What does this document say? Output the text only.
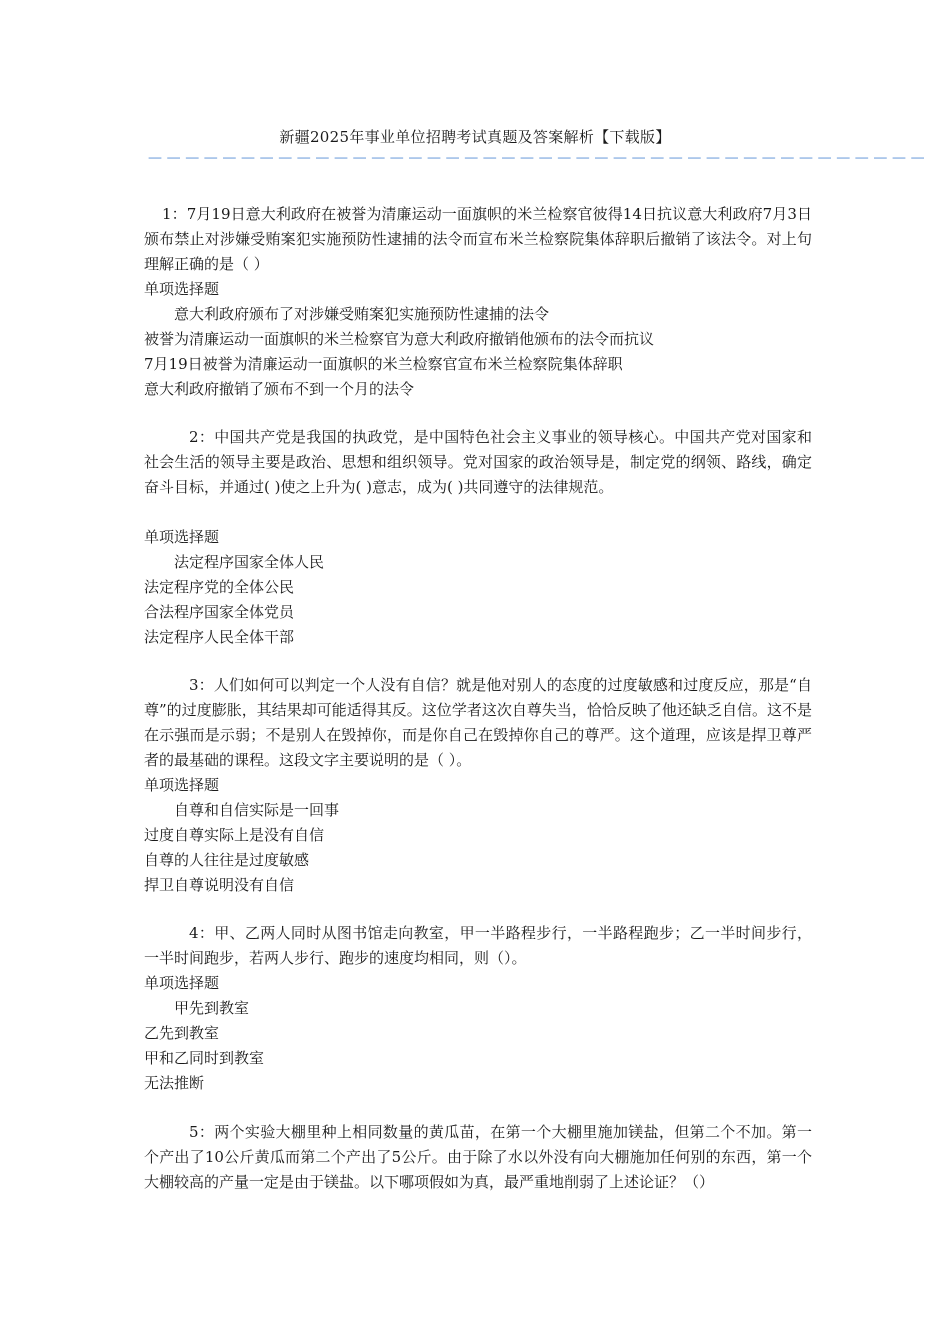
新疆2025年事业单位招聘考试真题及答案解析【下载版】
——————————————————————————————————————————

1：7月19日意大利政府在被誉为清廉运动一面旗帜的米兰检察官彼得14日抗议意大利政府7月3日颁布禁止对涉嫌受贿案犯实施预防性逮捕的法令而宣布米兰检察院集体辞职后撤销了该法令。对上句理解正确的是（ ）

单项选择题

意大利政府颁布了对涉嫌受贿案犯实施预防性逮捕的法令

被誉为清廉运动一面旗帜的米兰检察官为意大利政府撤销他颁布的法令而抗议

7月19日被誉为清廉运动一面旗帜的米兰检察官宣布米兰检察院集体辞职

意大利政府撤销了颁布不到一个月的法令

2：中国共产党是我国的执政党，是中国特色社会主义事业的领导核心。中国共产党对国家和社会生活的领导主要是政治、思想和组织领导。党对国家的政治领导是，制定党的纲领、路线，确定奋斗目标，并通过( )使之上升为( )意志，成为( )共同遵守的法律规范。

单项选择题

法定程序国家全体人民

法定程序党的全体公民

合法程序国家全体党员

法定程序人民全体干部

3：人们如何可以判定一个人没有自信？就是他对别人的态度的过度敏感和过度反应，那是“自尊”的过度膨胀，其结果却可能适得其反。这位学者这次自尊失当，恰恰反映了他还缺乏自信。这不是在示强而是示弱；不是别人在毁掉你，而是你自己在毁掉你自己的尊严。这个道理，应该是捍卫尊严者的最基础的课程。这段文字主要说明的是（ ）。

单项选择题

自尊和自信实际是一回事

过度自尊实际上是没有自信

自尊的人往往是过度敏感

捍卫自尊说明没有自信

4：甲、乙两人同时从图书馆走向教室，甲一半路程步行，一半路程跑步；乙一半时间步行，一半时间跑步，若两人步行、跑步的速度均相同，则（）。

单项选择题

甲先到教室

乙先到教室

甲和乙同时到教室

无法推断

5：两个实验大棚里种上相同数量的黄瓜苗，在第一个大棚里施加镁盐，但第二个不加。第一个产出了10公斤黄瓜而第二个产出了5公斤。由于除了水以外没有向大棚施加任何别的东西，第一个大棚较高的产量一定是由于镁盐。以下哪项假如为真，最严重地削弱了上述论证？（）
